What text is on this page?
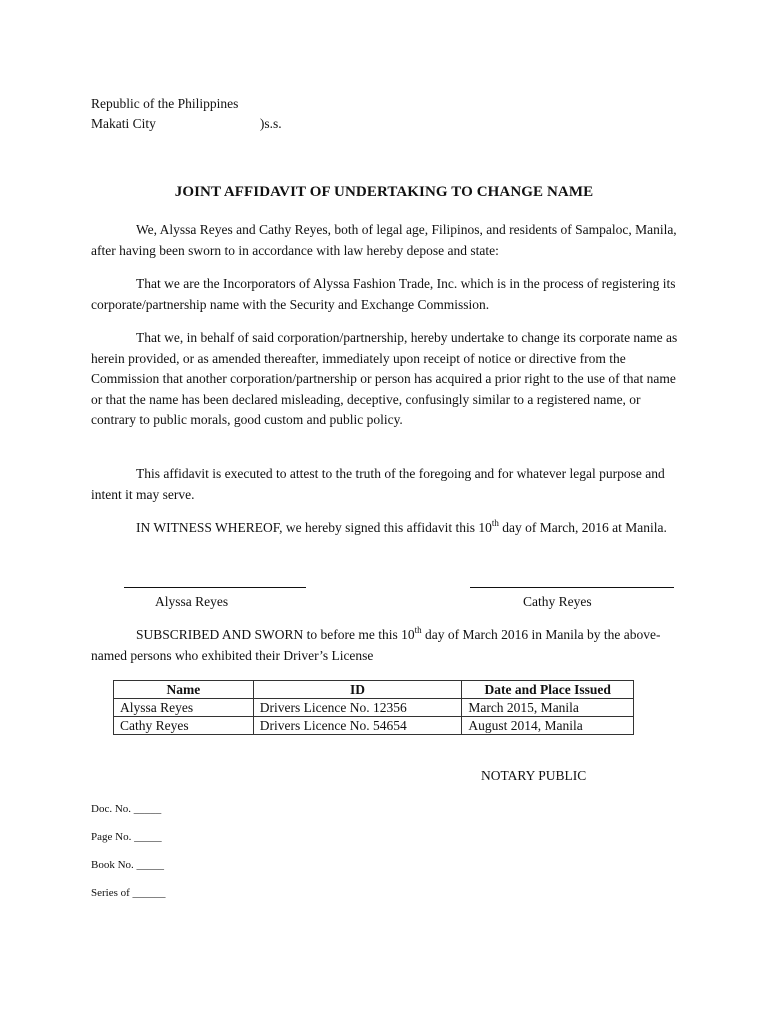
Republic of the Philippines
Makati City	)s.s.
JOINT AFFIDAVIT OF UNDERTAKING TO CHANGE NAME

We, Alyssa Reyes and Cathy Reyes, both of legal age, Filipinos, and residents of Sampaloc, Manila, after having been sworn to in accordance with law hereby depose and state:

That we are the Incorporators of Alyssa Fashion Trade, Inc. which is in the process of registering its corporate/partnership name with the Security and Exchange Commission.

That we, in behalf of said corporation/partnership, hereby undertake to change its corporate name as herein provided, or as amended thereafter, immediately upon receipt of notice or directive from the Commission that another corporation/partnership or person has acquired a prior right to the use of that name or that the name has been declared misleading, deceptive, confusingly similar to a registered name, or contrary to public morals, good custom and public policy.

This affidavit is executed to attest to the truth of the foregoing and for whatever legal purpose and intent it may serve.

IN WITNESS WHEREOF, we hereby signed this affidavit this 10th day of March, 2016 at Manila.

Alyssa Reyes	Cathy Reyes

SUBSCRIBED AND SWORN to before me this 10th day of March 2016 in Manila by the above-named persons who exhibited their Driver’s License

Name	ID	Date and Place Issued
Alyssa Reyes	Drivers Licence No. 12356	March 2015, Manila
Cathy Reyes	Drivers Licence No. 54654	August 2014, Manila
NOTARY PUBLIC
Doc. No. _____
Page No. _____
Book No. _____
Series of ______
